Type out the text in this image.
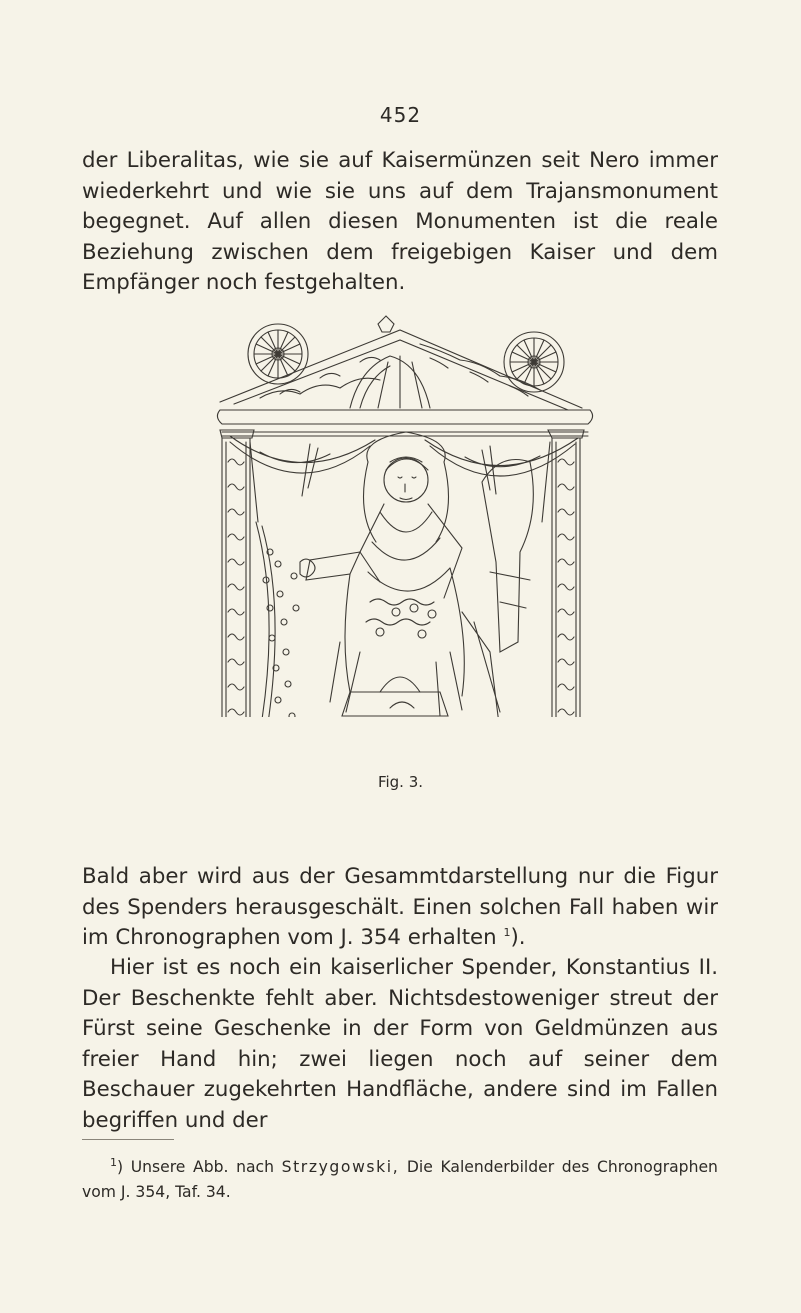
452

der Liberalitas, wie sie auf Kaisermünzen seit Nero immer wiederkehrt und wie sie uns auf dem Trajansmonument begegnet. Auf allen diesen Monumenten ist die reale Beziehung zwischen dem freigebigen Kaiser und dem Empfänger noch festgehalten.

Fig. 3.

Bald aber wird aus der Gesammtdarstellung nur die Figur des Spenders herausgeschält. Einen solchen Fall haben wir im Chronographen vom J. 354 erhalten $^1$).

Hier ist es noch ein kaiserlicher Spender, Konstantius II. Der Beschenkte fehlt aber. Nichtsdestoweniger streut der Fürst seine Geschenke in der Form von Geldmünzen aus freier Hand hin; zwei liegen noch auf seiner dem Beschauer zugekehrten Handfläche, andere sind im Fallen begriffen und der

$^1$) Unsere Abb. nach Strzygowski, Die Kalenderbilder des Chronographen vom J. 354, Taf. 34.
